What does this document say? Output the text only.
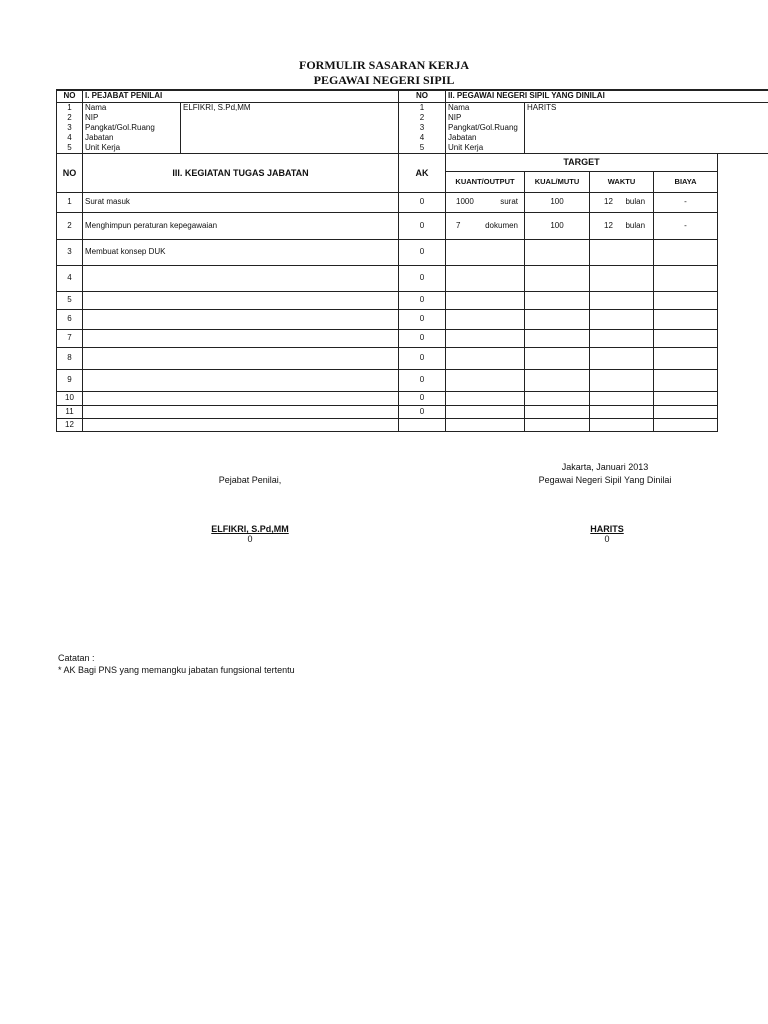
FORMULIR SASARAN KERJA
PEGAWAI NEGERI SIPIL
NO	I. PEJABAT PENILAI		NO	II. PEGAWAI NEGERI SIPIL YANG DINILAI			
1	Nama	ELFIKRI, S.Pd,MM	1	Nama	HARITS		
2	NIP		2	NIP			
3	Pangkat/Gol.Ruang		3	Pangkat/Gol.Ruang			
4	Jabatan		4	Jabatan			
5	Unit Kerja		5	Unit Kerja			
NO	III. KEGIATAN TUGAS JABATAN		AK	TARGET			
				KUANT/OUTPUT	KUAL/MUTU	WAKTU	BIAYA
1	Surat masuk		0	1000 surat	100	12 bulan	-
2	Menghimpun peraturan kepegawaian		0	7 dokumen	100	12 bulan	-
3	Membuat konsep DUK		0	

4			0	

5			0	

6			0	

7			0	

8			0	

9			0	

10			0	

11			0	

12				

Jakarta, Januari 2013
Pejabat Penilai,	Pegawai Negeri Sipil Yang Dinilai
ELFIKRI, S.Pd,MM
0
HARITS
0
Catatan :
* AK Bagi PNS yang memangku jabatan fungsional tertentu
